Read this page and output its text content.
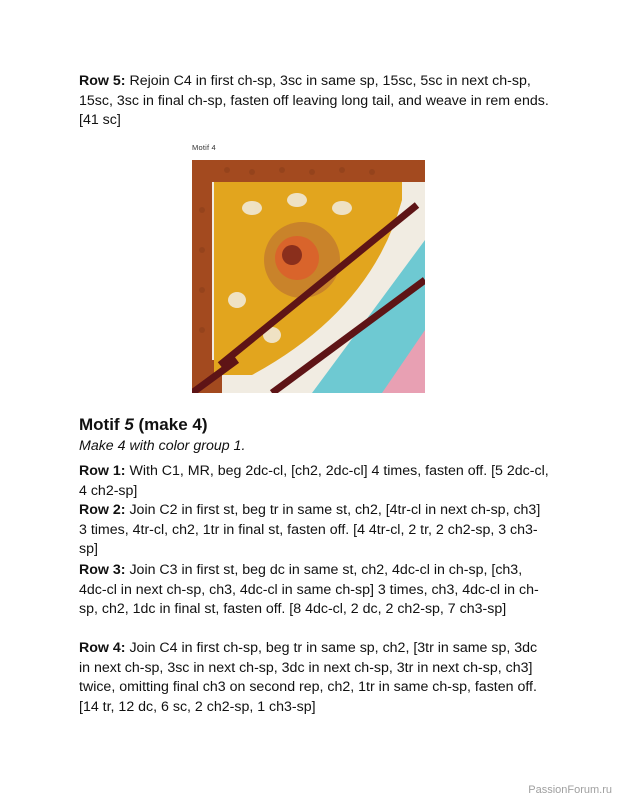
Row 5: Rejoin C4 in first ch-sp, 3sc in same sp, 15sc, 5sc in next ch-sp, 15sc, 3sc in final ch-sp, fasten off leaving long tail, and weave in rem ends. [41 sc]

Motif 4
Motif 5 (make 4)

Make 4 with color group 1.

Row 1: With C1, MR, beg 2dc-cl, [ch2, 2dc-cl] 4 times, fasten off. [5 2dc-cl, 4 ch2-sp]

Row 2: Join C2 in first st, beg tr in same st, ch2, [4tr-cl in next ch-sp, ch3] 3 times, 4tr-cl, ch2, 1tr in final st, fasten off. [4 4tr-cl, 2 tr, 2 ch2-sp, 3 ch3-sp]

Row 3: Join C3 in first st, beg dc in same st, ch2, 4dc-cl in ch-sp, [ch3, 4dc-cl in next ch-sp, ch3, 4dc-cl in same ch-sp] 3 times, ch3, 4dc-cl in ch-sp, ch2, 1dc in final st, fasten off. [8 4dc-cl, 2 dc, 2 ch2-sp, 7 ch3-sp]

Row 4: Join C4 in first ch-sp, beg tr in same sp, ch2, [3tr in same sp, 3dc in next ch-sp, 3sc in next ch-sp, 3dc in next ch-sp, 3tr in next ch-sp, ch3] twice, omitting final ch3 on second rep, ch2, 1tr in same ch-sp, fasten off. [14 tr, 12 dc, 6 sc, 2 ch2-sp, 1 ch3-sp]

PassionForum.ru
